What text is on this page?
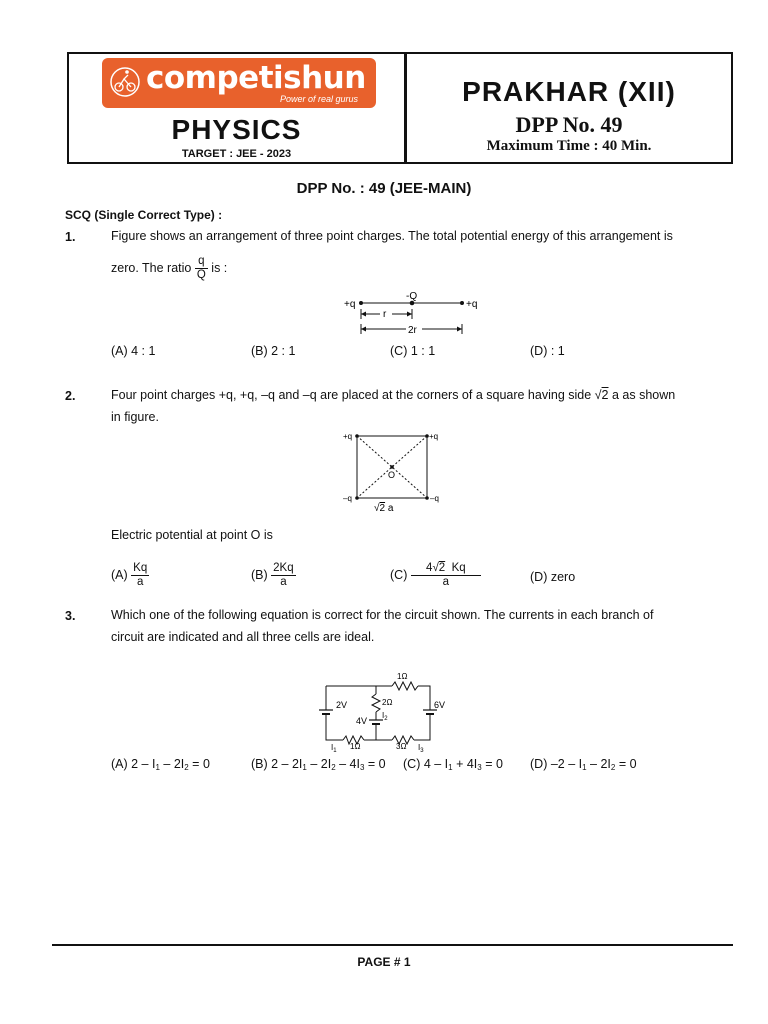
competishun
Power of real gurus
PHYSICS
TARGET : JEE - 2023
PRAKHAR (XII)
DPP No. 49
Maximum Time : 40 Min.
DPP No. : 49 (JEE-MAIN)
SCQ (Single Correct Type) :
1.	Figure shows an arrangement of three point charges. The total potential energy of this arrangement is
zero. The ratio $\frac{q}{Q}$ is :
+q
-Q
+q
r
2r
(A) 4 : 1	(B) 2 : 1	(C) 1 : 1	(D) : 1
2.	Four point charges +q, +q, –q and –q are placed at the corners of a square having side √2 a as shown
in figure.
+q	+q
–q	–q
O
√2 a
Electric potential at point O is
$(A) \frac{Kq}{a}$	$(B) \frac{2Kq}{a}$	$(C) \frac{4√2 Kq}{a}$	(D) zero
3.	Which one of the following equation is correct for the circuit shown. The currents in each branch of
circuit are indicated and all three cells are ideal.
1Ω
2Ω
2V
4V
6V
$I_2$
$I_1$ 1Ω	3Ω $I_3$
(A) $2 - I_1 - 2I_2 = 0$	(B) $2 - 2I_1 - 2I_2 - 4I_3 = 0$ (C) $4 - I_1 + 4I_3 = 0$ (D) $-2 - I_1 - 2I_2 = 0$
PAGE # 1
